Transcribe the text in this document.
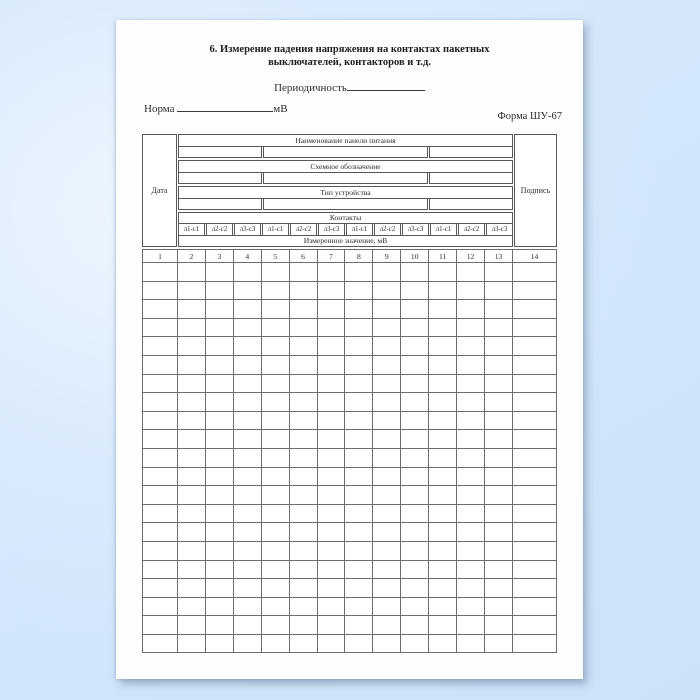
6. Измерение падения напряжения на контактах пакетных
выключателей, контакторов и т.д.
Периодичность
Норма	мВ
Форма ШУ-67
Дата
Наименование панели питания
Схемное обозначение
Тип устройства
Контакты
л1-с1	л2-с2	л3-с3	л1-с1	л2-с2	л3-с3	л1-с1	л2-с2	л3-с3	л1-с1	л2-с2	л3-с3
Измеренное значение, мВ
Подпись
1	2	3	4	5	6	7	8	9	10	11	12	13	14
